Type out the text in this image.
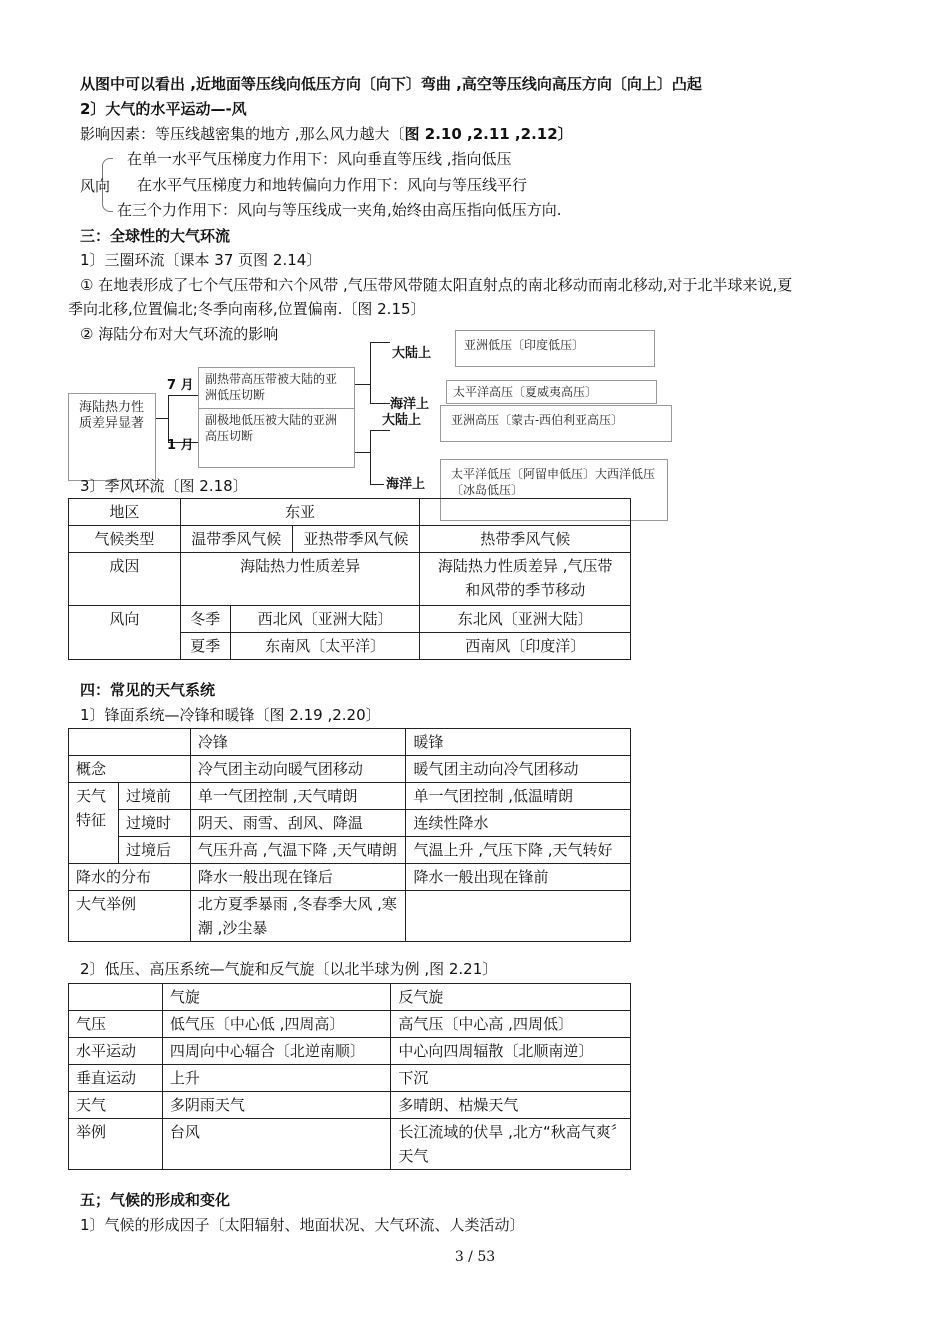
从图中可以看出 ,近地面等压线向低压方向〔向下〕弯曲 ,高空等压线向高压方向〔向上〕凸起
2〕大气的水平运动—-风
影响因素：等压线越密集的地方 ,那么风力越大〔图 2.10 ,2.11 ,2.12〕
风向
在单一水平气压梯度力作用下：风向垂直等压线 ,指向低压
在水平气压梯度力和地转偏向力作用下：风向与等压线平行
在三个力作用下：风向与等压线成一夹角,始终由高压指向低压方向.
三：全球性的大气环流
1〕三圈环流〔课本 37 页图 2.14〕
① 在地表形成了七个气压带和六个风带 ,气压带风带随太阳直射点的南北移动而南北移动,对于北半球来说,夏
季向北移,位置偏北;冬季向南移,位置偏南.〔图 2.15〕
② 海陆分布对大气环流的影响
海陆热力性质差异显著
7 月
1 月
副热带高压带被大陆的亚洲低压切断
副极地低压被大陆的亚洲高压切断
大陆上
海洋上
大陆上
海洋上
亚洲低压〔印度低压〕
太平洋高压〔夏威夷高压〕
亚洲高压〔蒙古-西伯利亚高压〕
太平洋低压〔阿留申低压〕大西洋低压〔冰岛低压〕
3〕季风环流〔图 2.18〕
地区	东亚			
气候类型	温带季风气候		亚热带季风气候	热带季风气候
成因	海陆热力性质差异			海陆热力性质差异 ,气压带和风带的季节移动
风向	冬季	西北风〔亚洲大陆〕		东北风〔亚洲大陆〕
	夏季	东南风〔太平洋〕		西南风〔印度洋〕
四：常见的天气系统
1〕锋面系统—冷锋和暖锋〔图 2.19 ,2.20〕
		冷锋	暖锋
概念		冷气团主动向暖气团移动	暖气团主动向冷气团移动
天气特征	过境前	单一气团控制 ,天气晴朗	单一气团控制 ,低温晴朗
	过境时	阴天、雨雪、刮风、降温	连续性降水
	过境后	气压升高 ,气温下降 ,天气晴朗	气温上升 ,气压下降 ,天气转好
降水的分布		降水一般出现在锋后	降水一般出现在锋前
大气举例		北方夏季暴雨 ,冬春季大风 ,寒潮 ,沙尘暴	
2〕低压、高压系统—气旋和反气旋〔以北半球为例 ,图 2.21〕
	气旋	反气旋
气压	低气压〔中心低 ,四周高〕	高气压〔中心高 ,四周低〕
水平运动	四周向中心辐合〔北逆南顺〕	中心向四周辐散〔北顺南逆〕
垂直运动	上升	下沉
天气	多阴雨天气	多晴朗、枯燥天气
举例	台风	长江流域的伏旱 ,北方“秋高气爽〞天气
五；气候的形成和变化
1〕气候的形成因子〔太阳辐射、地面状况、大气环流、人类活动〕
3 / 53
